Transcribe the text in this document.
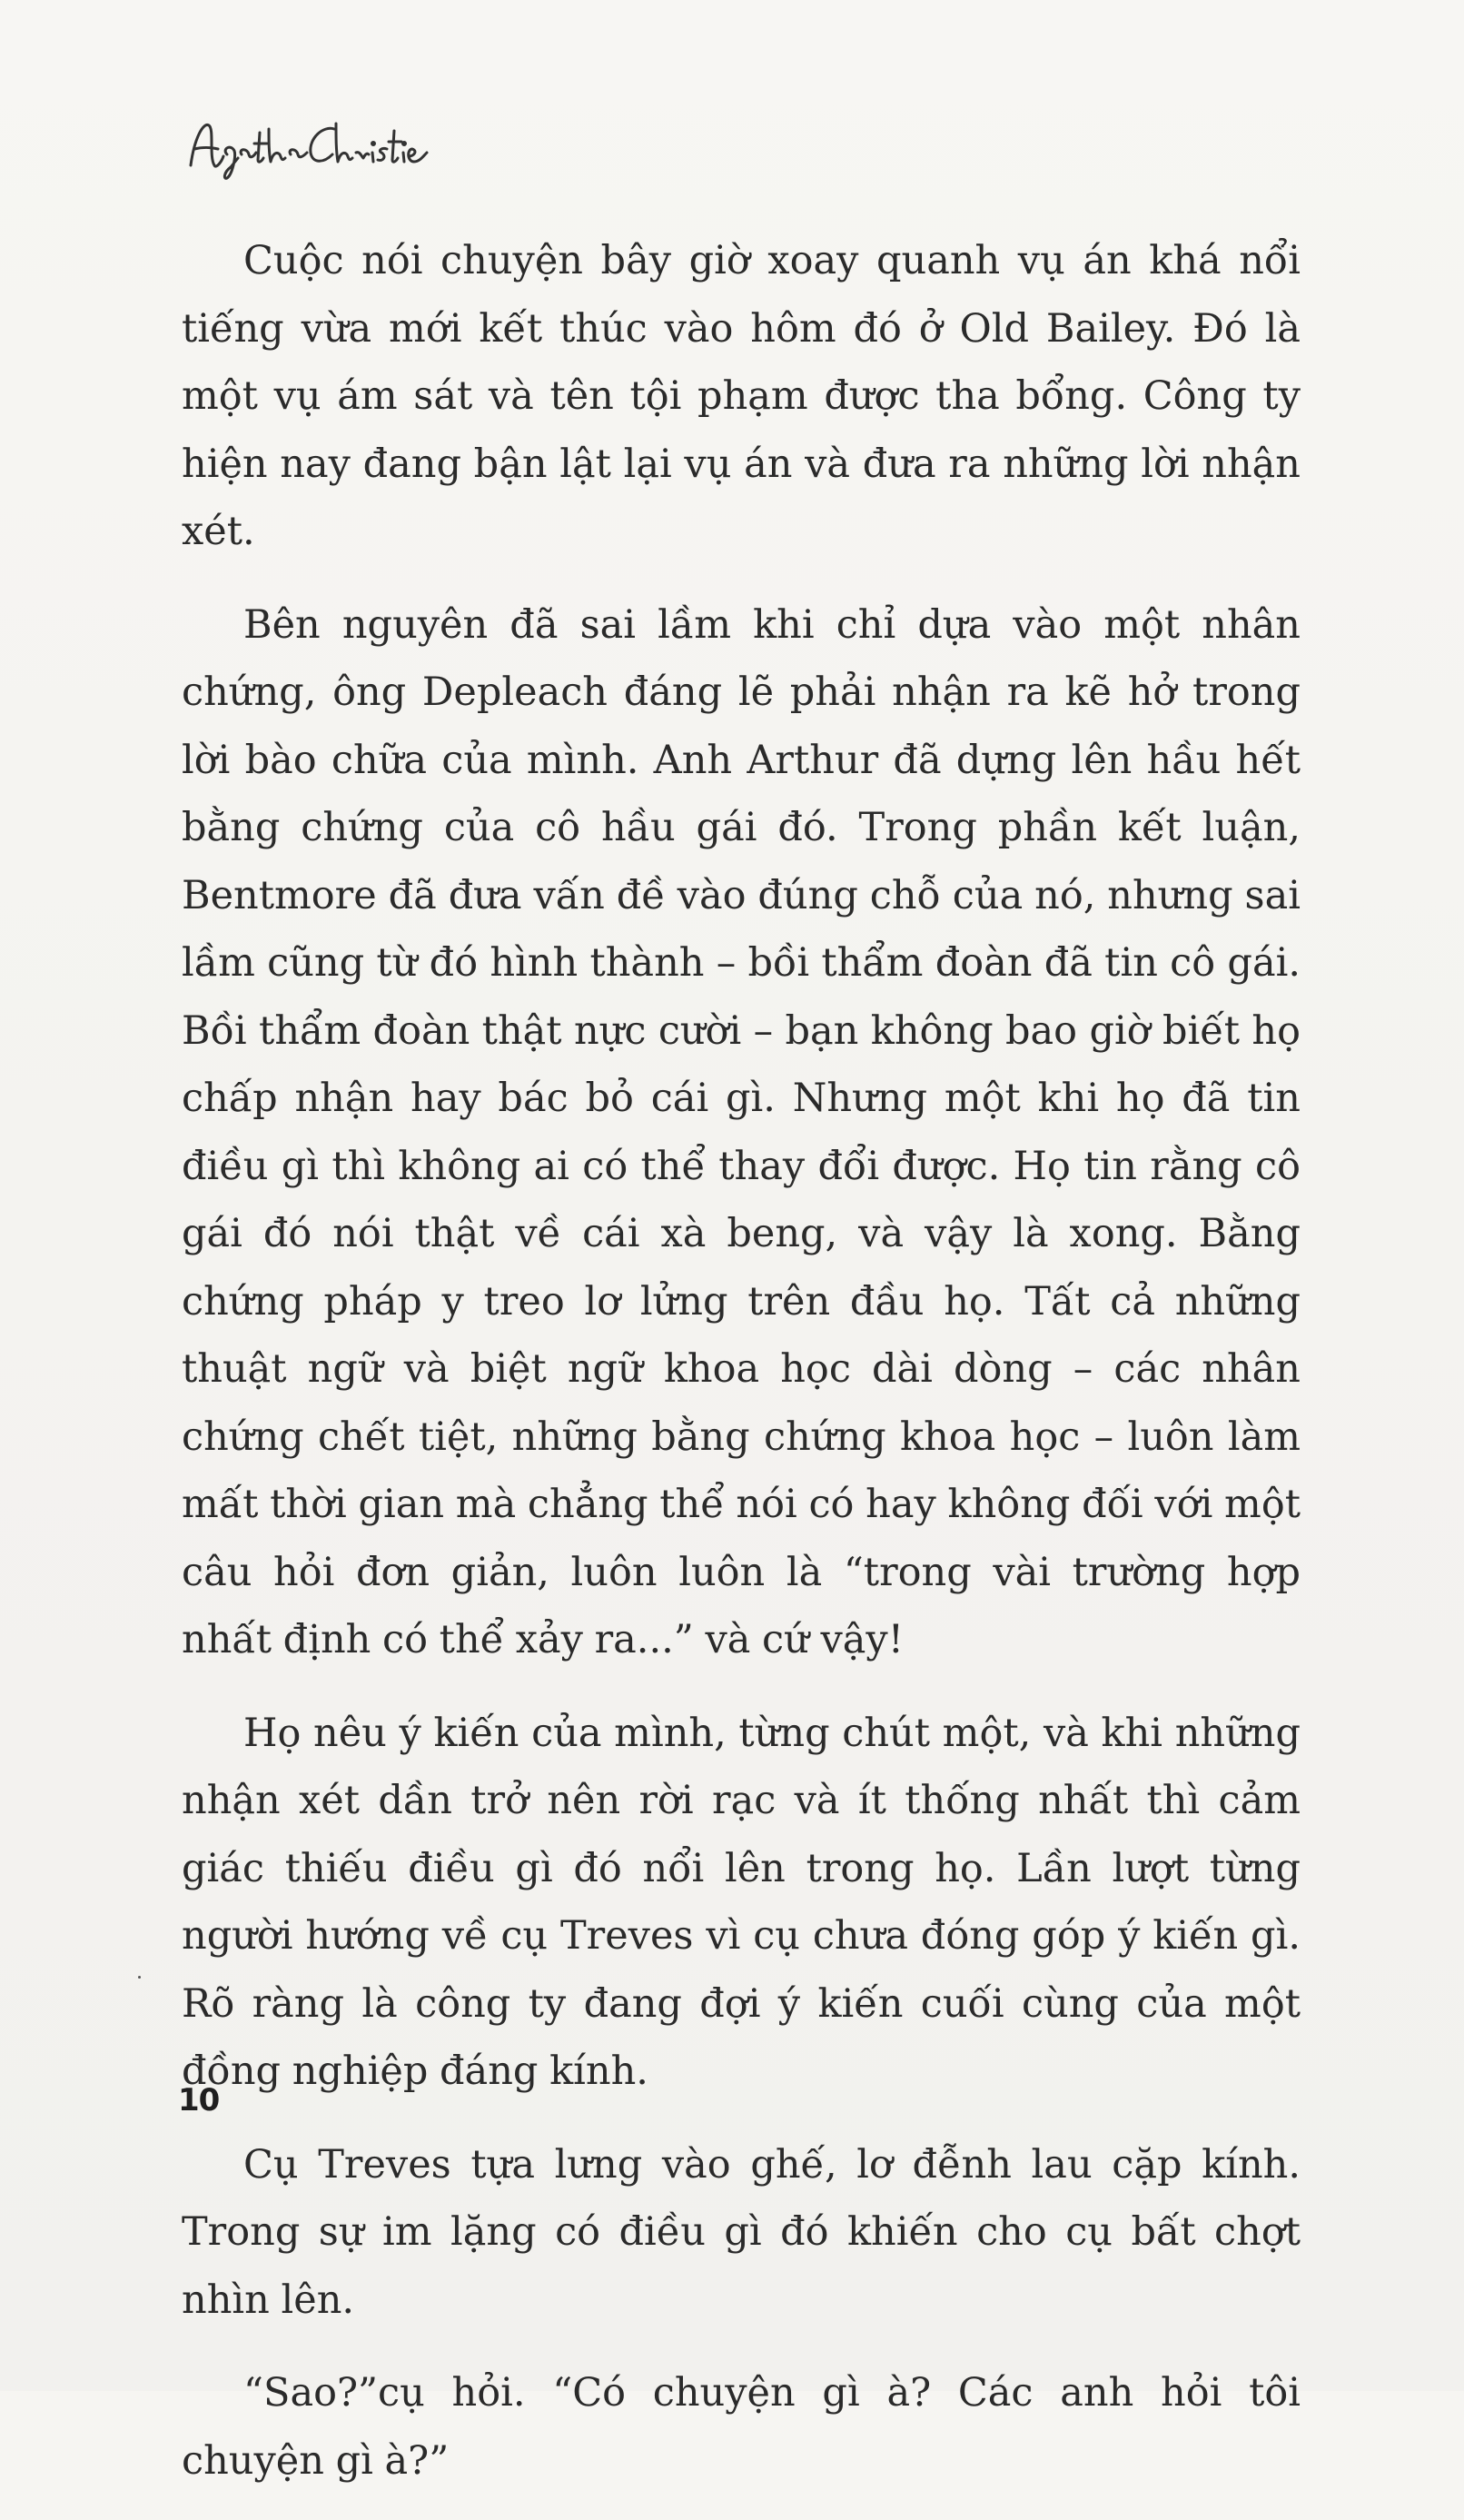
Cuộc nói chuyện bây giờ xoay quanh vụ án khá nổi tiếng vừa mới kết thúc vào hôm đó ở Old Bailey. Đó là một vụ ám sát và tên tội phạm được tha bổng. Công ty hiện nay đang bận lật lại vụ án và đưa ra những lời nhận xét.

Bên nguyên đã sai lầm khi chỉ dựa vào một nhân chứng, ông Depleach đáng lẽ phải nhận ra kẽ hở trong lời bào chữa của mình. Anh Arthur đã dựng lên hầu hết bằng chứng của cô hầu gái đó. Trong phần kết luận, Bentmore đã đưa vấn đề vào đúng chỗ của nó, nhưng sai lầm cũng từ đó hình thành – bồi thẩm đoàn đã tin cô gái. Bồi thẩm đoàn thật nực cười – bạn không bao giờ biết họ chấp nhận hay bác bỏ cái gì. Nhưng một khi họ đã tin điều gì thì không ai có thể thay đổi được. Họ tin rằng cô gái đó nói thật về cái xà beng, và vậy là xong. Bằng chứng pháp y treo lơ lửng trên đầu họ. Tất cả những thuật ngữ và biệt ngữ khoa học dài dòng – các nhân chứng chết tiệt, những bằng chứng khoa học – luôn làm mất thời gian mà chẳng thể nói có hay không đối với một câu hỏi đơn giản, luôn luôn là “trong vài trường hợp nhất định có thể xảy ra...” và cứ vậy!

Họ nêu ý kiến của mình, từng chút một, và khi những nhận xét dần trở nên rời rạc và ít thống nhất thì cảm giác thiếu điều gì đó nổi lên trong họ. Lần lượt từng người hướng về cụ Treves vì cụ chưa đóng góp ý kiến gì. Rõ ràng là công ty đang đợi ý kiến cuối cùng của một đồng nghiệp đáng kính.

Cụ Treves tựa lưng vào ghế, lơ đễnh lau cặp kính. Trong sự im lặng có điều gì đó khiến cho cụ bất chợt nhìn lên.

“Sao?”cụ hỏi. “Có chuyện gì à? Các anh hỏi tôi chuyện gì à?”

10
